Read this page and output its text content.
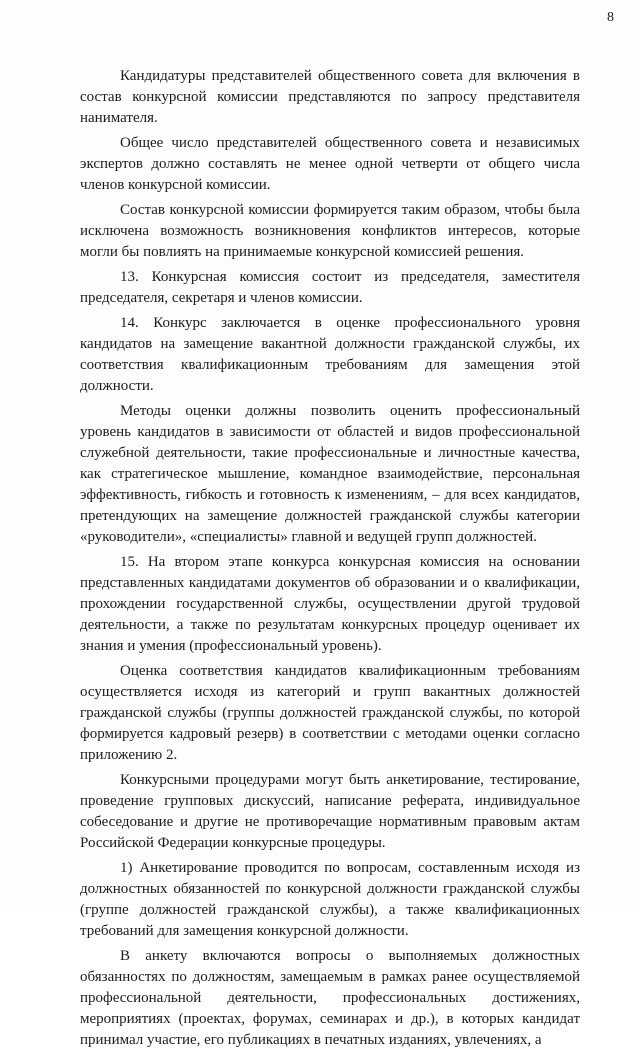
8

Кандидатуры представителей общественного совета для включения в состав конкурсной комиссии представляются по запросу представителя нанимателя.

Общее число представителей общественного совета и независимых экспертов должно составлять не менее одной четверти от общего числа членов конкурсной комиссии.

Состав конкурсной комиссии формируется таким образом, чтобы была исключена возможность возникновения конфликтов интересов, которые могли бы повлиять на принимаемые конкурсной комиссией решения.

13. Конкурсная комиссия состоит из председателя, заместителя председателя, секретаря и членов комиссии.

14. Конкурс заключается в оценке профессионального уровня кандидатов на замещение вакантной должности гражданской службы, их соответствия квалификационным требованиям для замещения этой должности.

Методы оценки должны позволить оценить профессиональный уровень кандидатов в зависимости от областей и видов профессиональной служебной деятельности, такие профессиональные и личностные качества, как стратегическое мышление, командное взаимодействие, персональная эффективность, гибкость и готовность к изменениям, – для всех кандидатов, претендующих на замещение должностей гражданской службы категории «руководители», «специалисты» главной и ведущей групп должностей.

15. На втором этапе конкурса конкурсная комиссия на основании представленных кандидатами документов об образовании и о квалификации, прохождении государственной службы, осуществлении другой трудовой деятельности, а также по результатам конкурсных процедур оценивает их знания и умения (профессиональный уровень).

Оценка соответствия кандидатов квалификационным требованиям осуществляется исходя из категорий и групп вакантных должностей гражданской службы (группы должностей гражданской службы, по которой формируется кадровый резерв) в соответствии с методами оценки согласно приложению 2.

Конкурсными процедурами могут быть анкетирование, тестирование, проведение групповых дискуссий, написание реферата, индивидуальное собеседование и другие не противоречащие нормативным правовым актам Российской Федерации конкурсные процедуры.

1) Анкетирование проводится по вопросам, составленным исходя из должностных обязанностей по конкурсной должности гражданской службы (группе должностей гражданской службы), а также квалификационных требований для замещения конкурсной должности.

В анкету включаются вопросы о выполняемых должностных обязанностях по должностям, замещаемым в рамках ранее осуществляемой профессиональной деятельности, профессиональных достижениях, мероприятиях (проектах, форумах, семинарах и др.), в которых кандидат принимал участие, его публикациях в печатных изданиях, увлечениях, а
